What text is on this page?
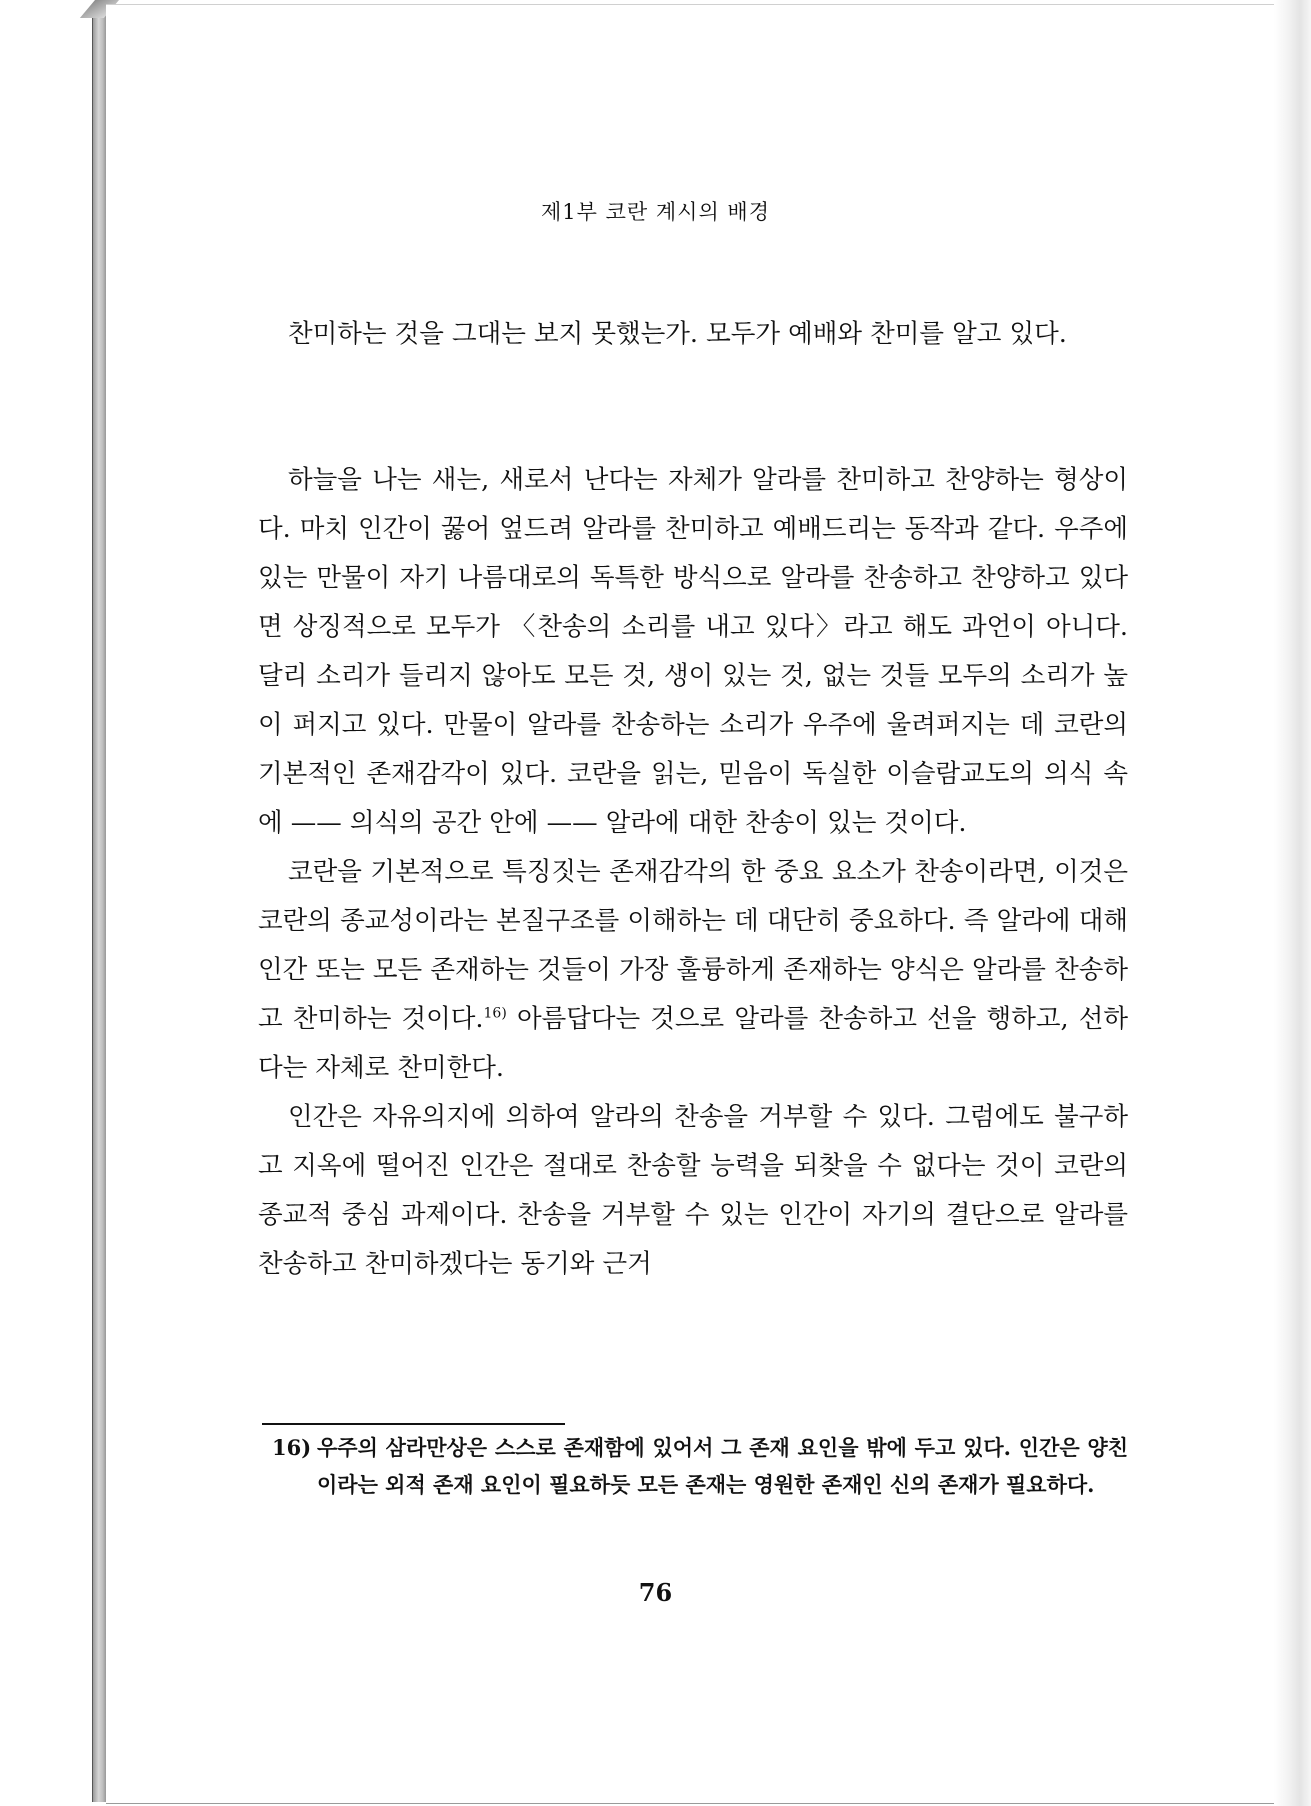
제1부 코란 계시의 배경

찬미하는 것을 그대는 보지 못했는가. 모두가 예배와 찬미를 알고 있다.

하늘을 나는 새는, 새로서 난다는 자체가 알라를 찬미하고 찬양하는 형상이다. 마치 인간이 꿇어 엎드려 알라를 찬미하고 예배드리는 동작과 같다. 우주에 있는 만물이 자기 나름대로의 독특한 방식으로 알라를 찬송하고 찬양하고 있다면 상징적으로 모두가 〈찬송의 소리를 내고 있다〉라고 해도 과언이 아니다. 달리 소리가 들리지 않아도 모든 것, 생이 있는 것, 없는 것들 모두의 소리가 높이 퍼지고 있다. 만물이 알라를 찬송하는 소리가 우주에 울려퍼지는 데 코란의 기본적인 존재감각이 있다. 코란을 읽는, 믿음이 독실한 이슬람교도의 의식 속에 —— 의식의 공간 안에 —— 알라에 대한 찬송이 있는 것이다.

코란을 기본적으로 특징짓는 존재감각의 한 중요 요소가 찬송이라면, 이것은 코란의 종교성이라는 본질구조를 이해하는 데 대단히 중요하다. 즉 알라에 대해 인간 또는 모든 존재하는 것들이 가장 훌륭하게 존재하는 양식은 알라를 찬송하고 찬미하는 것이다.$^{16)}$ 아름답다는 것으로 알라를 찬송하고 선을 행하고, 선하다는 자체로 찬미한다.

인간은 자유의지에 의하여 알라의 찬송을 거부할 수 있다. 그럼에도 불구하고 지옥에 떨어진 인간은 절대로 찬송할 능력을 되찾을 수 없다는 것이 코란의 종교적 중심 과제이다. 찬송을 거부할 수 있는 인간이 자기의 결단으로 알라를 찬송하고 찬미하겠다는 동기와 근거

16) 우주의 삼라만상은 스스로 존재함에 있어서 그 존재 요인을 밖에 두고 있다. 인간은 양친이라는 외적 존재 요인이 필요하듯 모든 존재는 영원한 존재인 신의 존재가 필요하다.
76
